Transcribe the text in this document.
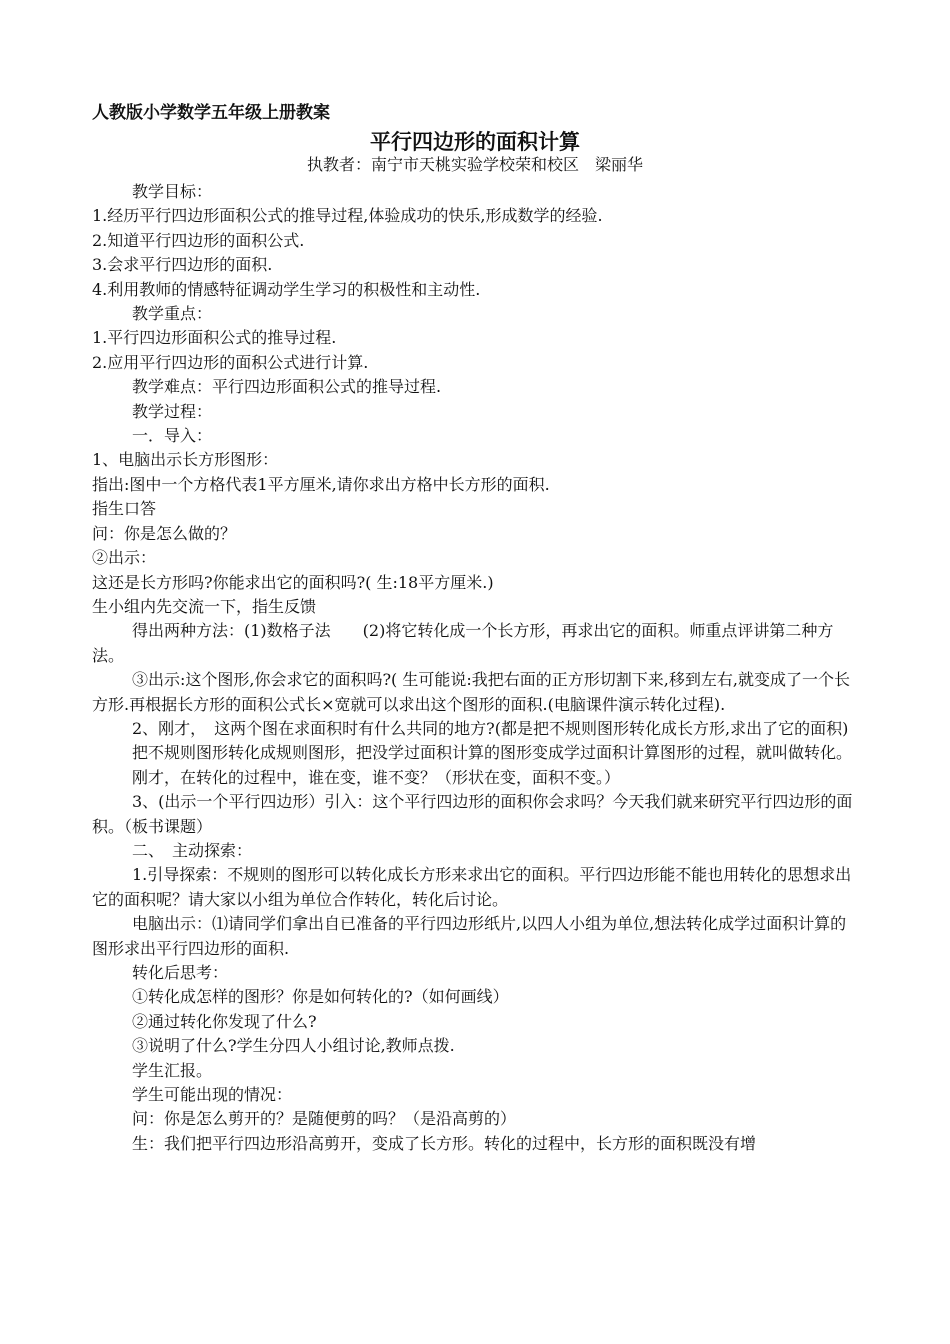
人教版小学数学五年级上册教案
平行四边形的面积计算
执教者：南宁市天桃实验学校荣和校区　梁丽华

教学目标：

1.经历平行四边形面积公式的推导过程,体验成功的快乐,形成数学的经验.

2.知道平行四边形的面积公式.

3.会求平行四边形的面积.

4.利用教师的情感特征调动学生学习的积极性和主动性.

教学重点：

1.平行四边形面积公式的推导过程.

2.应用平行四边形的面积公式进行计算.

教学难点：平行四边形面积公式的推导过程.

教学过程：

一．导入：

1、电脑出示长方形图形：

指出:图中一个方格代表1平方厘米,请你求出方格中长方形的面积.

指生口答

问：你是怎么做的？

②出示：

这还是长方形吗?你能求出它的面积吗?( 生:18平方厘米.)

生小组内先交流一下，指生反馈

得出两种方法：(1)数格子法　　(2)将它转化成一个长方形，再求出它的面积。师重点评讲第二种方法。

③出示:这个图形,你会求它的面积吗?( 生可能说:我把右面的正方形切割下来,移到左右,就变成了一个长方形.再根据长方形的面积公式长×宽就可以求出这个图形的面积.(电脑课件演示转化过程).

2、刚才，　这两个图在求面积时有什么共同的地方?(都是把不规则图形转化成长方形,求出了它的面积)

把不规则图形转化成规则图形，把没学过面积计算的图形变成学过面积计算图形的过程，就叫做转化。

刚才，在转化的过程中，谁在变，谁不变？（形状在变，面积不变。）

3、(出示一个平行四边形）引入：这个平行四边形的面积你会求吗？今天我们就来研究平行四边形的面积。（板书课题）

二、　主动探索：

1.引导探索：不规则的图形可以转化成长方形来求出它的面积。平行四边形能不能也用转化的思想求出它的面积呢？请大家以小组为单位合作转化，转化后讨论。

电脑出示：⑴请同学们拿出自已准备的平行四边形纸片,以四人小组为单位,想法转化成学过面积计算的图形求出平行四边形的面积.

转化后思考：

①转化成怎样的图形？你是如何转化的?（如何画线）

②通过转化你发现了什么?

③说明了什么?学生分四人小组讨论,教师点拨.

学生汇报。

学生可能出现的情况：

问：你是怎么剪开的？是随便剪的吗？（是沿高剪的）

生：我们把平行四边形沿高剪开，变成了长方形。转化的过程中，长方形的面积既没有增
